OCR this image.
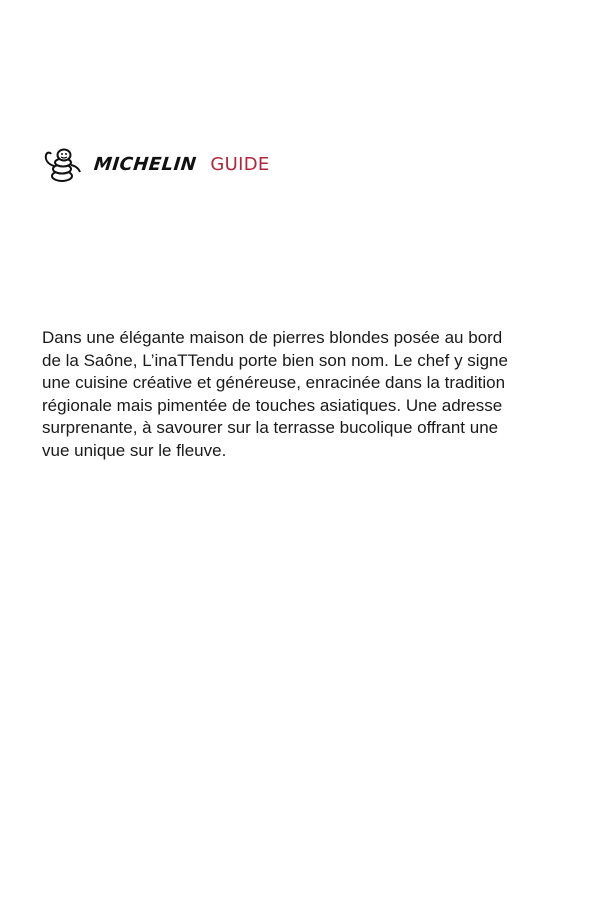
MICHELIN GUIDE

Dans une élégante maison de pierres blondes posée au bord
de la Saône, L’inaTTendu porte bien son nom. Le chef y signe
une cuisine créative et généreuse, enracinée dans la tradition
régionale mais pimentée de touches asiatiques. Une adresse
surprenante, à savourer sur la terrasse bucolique offrant une
vue unique sur le fleuve.
